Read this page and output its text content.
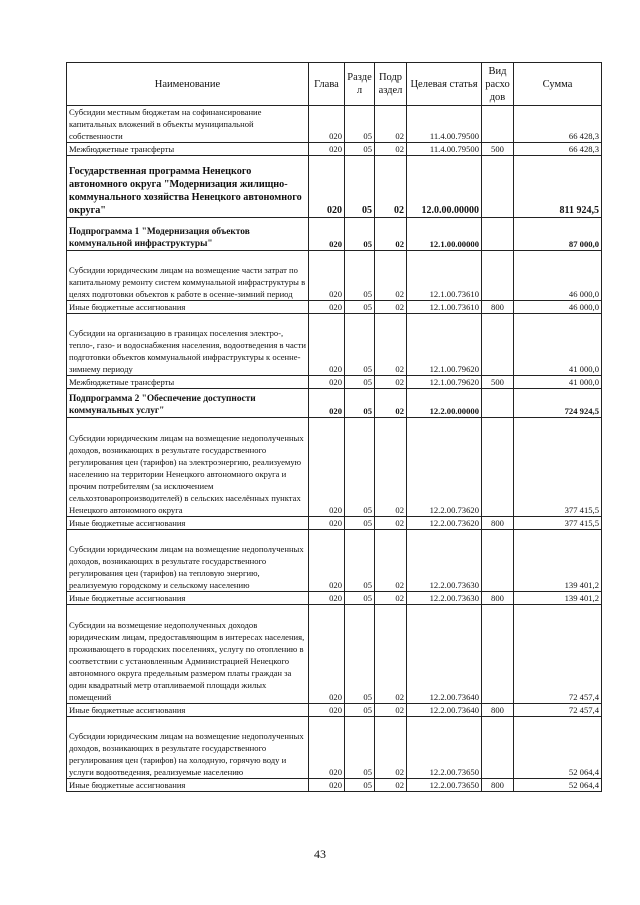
Наименование	Глава	Разде л	Подр аздел	Целевая статья	Вид расхо дов	Сумма
Субсидии местным бюджетам на софинансирование капитальных вложений в объекты муниципальной собственности	020	05	02	11.4.00.79500		66 428,3
Межбюджетные трансферты	020	05	02	11.4.00.79500	500	66 428,3
Государственная программа Ненецкого автономного округа "Модернизация жилищно-коммунального хозяйства Ненецкого автономного округа"	020	05	02	12.0.00.00000		811 924,5
Подпрограмма 1 "Модернизация объектов коммунальной инфраструктуры"	020	05	02	12.1.00.00000		87 000,0
Субсидии юридическим лицам на возмещение части затрат по капитальному ремонту систем коммунальной инфраструктуры в целях подготовки объектов к работе в осенне-зимний период	020	05	02	12.1.00.73610		46 000,0
Иные бюджетные ассигнования	020	05	02	12.1.00.73610	800	46 000,0
Субсидии на организацию в границах поселения электро-, тепло-, газо- и водоснабжения населения, водоотведения в части подготовки объектов коммунальной инфраструктуры к осенне-зимнему периоду	020	05	02	12.1.00.79620		41 000,0
Межбюджетные трансферты	020	05	02	12.1.00.79620	500	41 000,0
Подпрограмма 2 "Обеспечение доступности коммунальных услуг"	020	05	02	12.2.00.00000		724 924,5
Субсидии юридическим лицам на возмещение недополученных доходов, возникающих в результате государственного регулирования цен (тарифов) на электроэнергию, реализуемую населению на территории Ненецкого автономного округа и прочим потребителям (за исключением сельхозтоваропроизводителей) в сельских населённых пунктах Ненецкого автономного округа	020	05	02	12.2.00.73620		377 415,5
Иные бюджетные ассигнования	020	05	02	12.2.00.73620	800	377 415,5
Субсидии юридическим лицам на возмещение недополученных доходов, возникающих в результате государственного регулирования цен (тарифов) на тепловую энергию, реализуемую городскому и сельскому населению	020	05	02	12.2.00.73630		139 401,2
Иные бюджетные ассигнования	020	05	02	12.2.00.73630	800	139 401,2
Субсидии на возмещение недополученных доходов юридическим лицам, предоставляющим в интересах населения, проживающего в городских поселениях, услугу по отоплению в соответствии с установленным Администрацией Ненецкого автономного округа предельным размером платы граждан за один квадратный метр отапливаемой площади жилых помещений	020	05	02	12.2.00.73640		72 457,4
Иные бюджетные ассигнования	020	05	02	12.2.00.73640	800	72 457,4
Субсидии юридическим лицам на возмещение недополученных доходов, возникающих в результате государственного регулирования цен (тарифов) на холодную, горячую воду и услуги водоотведения, реализуемые населению	020	05	02	12.2.00.73650		52 064,4
Иные бюджетные ассигнования	020	05	02	12.2.00.73650	800	52 064,4
43
